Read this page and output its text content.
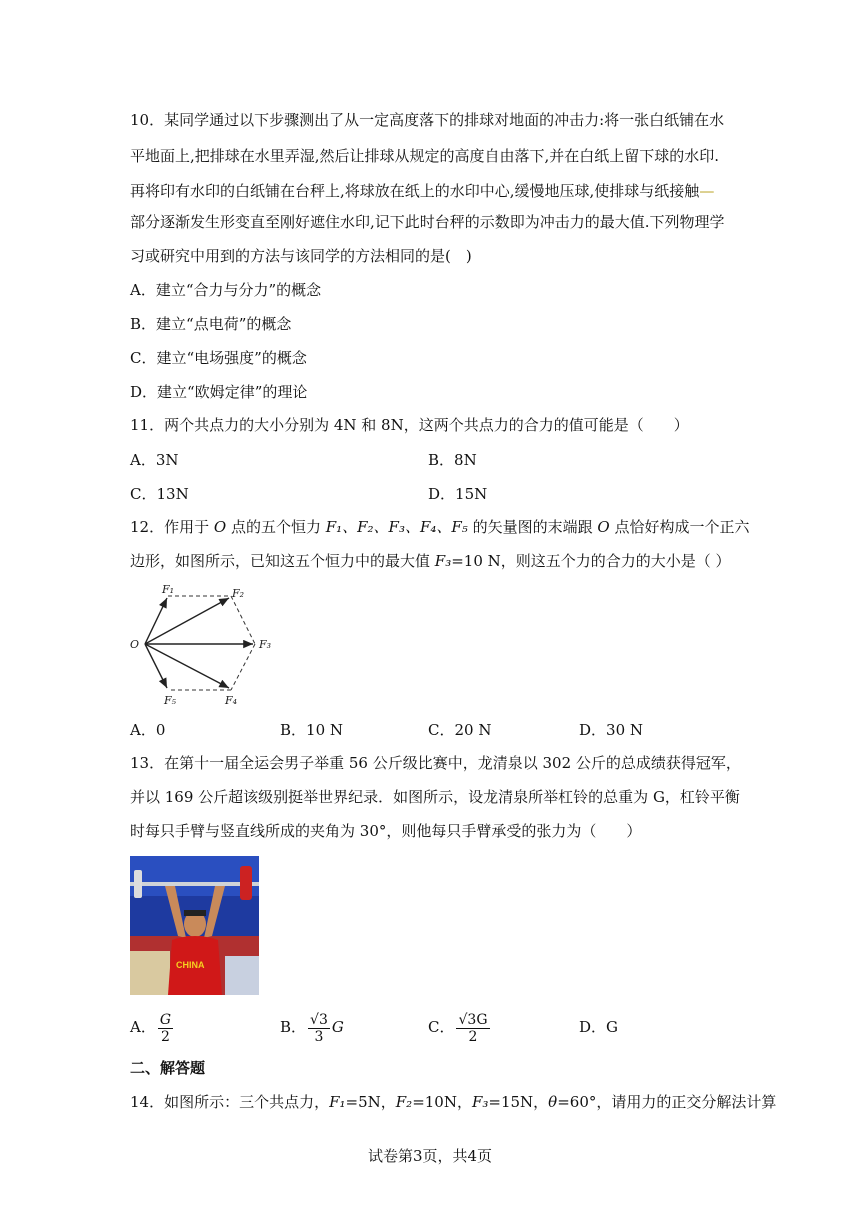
10．某同学通过以下步骤测出了从一定高度落下的排球对地面的冲击力:将一张白纸铺在水
平地面上,把排球在水里弄湿,然后让排球从规定的高度自由落下,并在白纸上留下球的水印.
再将印有水印的白纸铺在台秤上,将球放在纸上的水印中心,缓慢地压球,使排球与纸接触—
部分逐渐发生形变直至刚好遮住水印,记下此时台秤的示数即为冲击力的最大值.下列物理学
习或研究中用到的方法与该同学的方法相同的是(　)
A．建立“合力与分力”的概念
B．建立“点电荷”的概念
C．建立“电场强度”的概念
D．建立“欧姆定律”的理论
11．两个共点力的大小分别为 4N 和 8N，这两个共点力的合力的值可能是（　　）
A．3N	B．8N
C．13N	D．15N
12．作用于 O 点的五个恒力 F₁、F₂、F₃、F₄、F₅ 的矢量图的末端跟 O 点恰好构成一个正六
边形，如图所示，已知这五个恒力中的最大值 F₃=10 N，则这五个力的合力的大小是（ ）
O
F₁	F₂
F₃
F₄
F₅
A．0	B．10 N	C．20 N	D．30 N
13．在第十一届全运会男子举重 56 公斤级比赛中，龙清泉以 302 公斤的总成绩获得冠军，
并以 169 公斤超该级别挺举世界纪录．如图所示，设龙清泉所举杠铃的总重为 G，杠铃平衡
时每只手臂与竖直线所成的夹角为 30°，则他每只手臂承受的张力为（　　）
CHINA
A． $\frac{G}{2}$	B． $\frac{√3}{3}$ G	C． $\frac{√3G}{2}$	D．G
二、解答题
14．如图所示：三个共点力，F₁=5N，F₂=10N，F₃=15N，θ=60°，请用力的正交分解法计算
试卷第3页，共4页
